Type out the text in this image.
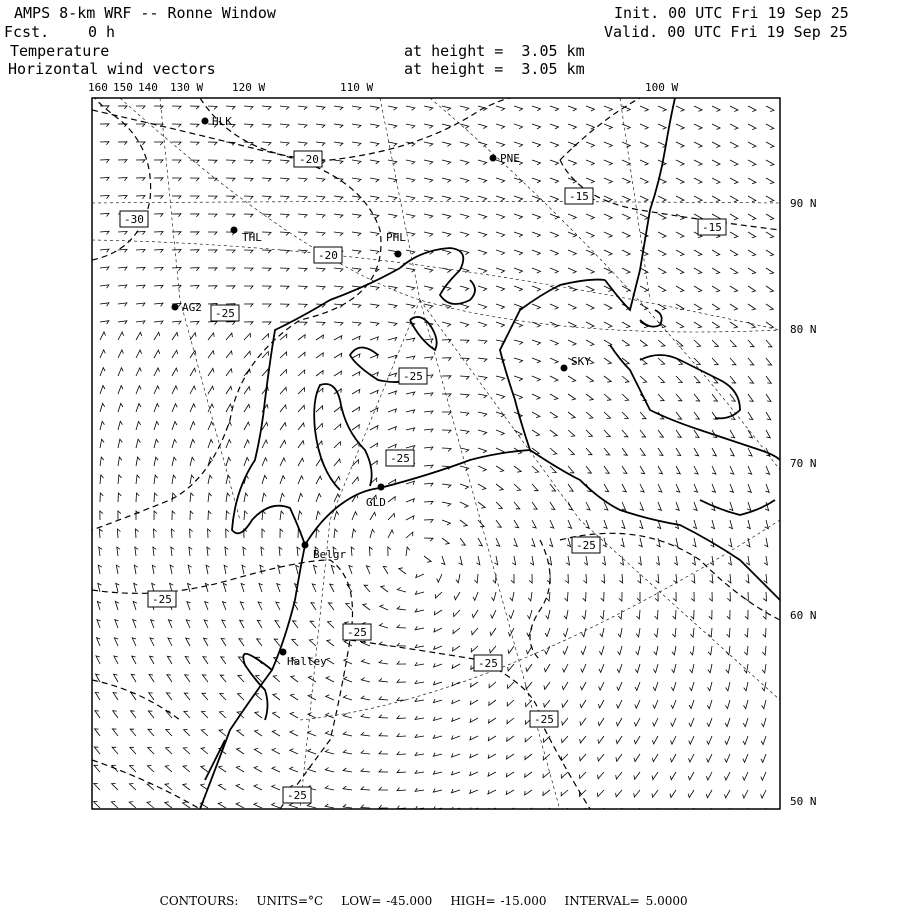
AMPS 8-km WRF -- Ronne Window
Fcst.	0 h
Temperature
Horizontal wind vectors
at height =  3.05 km
at height =  3.05 km
Init. 00 UTC Fri 19 Sep 25
Valid. 00 UTC Fri 19 Sep 25
90 N
80 N
70 N
60 N
50 N
160 150 140 130 W	120 W	110 W	100 W
HLK
PNE
THL	PHL
AG2
SKY
GLD
Belgr
Halley
-20
-30
-20
-25
-15
-15
-25
-25
-25
-25
-25
-25
-25
-25

CONTOURS: UNITS=°C LOW= -45.000 HIGH= -15.000 INTERVAL= 5.0000
